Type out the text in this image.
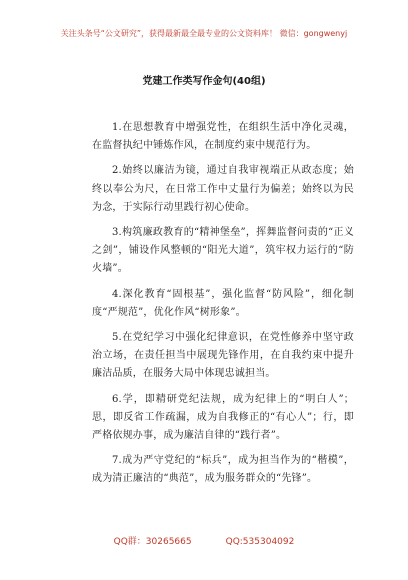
关注头条号“公文研究”，获得最新最全最专业的公文资料库！ 微信：gongwenyj
党建工作类写作金句(40组)

1.在思想教育中增强党性，在组织生活中净化灵魂，在监督执纪中锤炼作风，在制度约束中规范行为。

2.始终以廉洁为镜，通过自我审视端正从政态度；始终以奉公为尺，在日常工作中丈量行为偏差；始终以为民为念，于实际行动里践行初心使命。

3.构筑廉政教育的“精神堡垒”，挥舞监督问责的“正义之剑”，铺设作风整顿的“阳光大道”，筑牢权力运行的“防火墙”。

4.深化教育“固根基”，强化监督“防风险”，细化制度“严规范”，优化作风“树形象”。

5.在党纪学习中强化纪律意识，在党性修养中坚守政治立场，在责任担当中展现先锋作用，在自我约束中提升廉洁品质，在服务大局中体现忠诚担当。

6.学，即精研党纪法规，成为纪律上的“明白人”；思，即反省工作疏漏，成为自我修正的“有心人”；行，即严格依规办事，成为廉洁自律的“践行者”。

7.成为严守党纪的“标兵”，成为担当作为的“楷模”，成为清正廉洁的“典范”，成为服务群众的“先锋”。

QQ群：30265665	QQ:535304092
